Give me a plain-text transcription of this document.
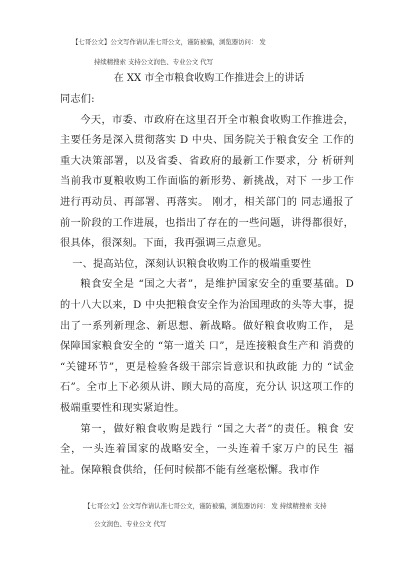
【七哥公文】公文写作请认准七哥公文，谨防被骗，浏览器访问： 发
持续精搜索 支持公文润色、专业公文 代写
在 XX 市全市粮食收购工作推进会上的讲话

同志们:

今天，市委、市政府在这里召开全市粮食收购工作推进会，主要任务是深入贯彻落实 D 中央、国务院关于粮食安全 工作的重大决策部署，以及省委、省政府的最新工作要求，分 析研判当前我市夏粮收购工作面临的新形势、新挑战，对下 一步工作进行再动员、再部署、再落实。 刚才，相关部门的 同志通报了前一阶段的工作进展，也指出了存在的一些问题，讲得都很好，很具体，很深刻。下面，我再强调三点意见。

一、提高站位，深刻认识粮食收购工作的极端重要性

粮食安全是 “国之大者”，是维护国家安全的重要基础。D 的十八大以来，D 中央把粮食安全作为治国理政的头等大事，提出了一系列新理念、新思想、新战略。做好粮食收购工作， 是保障国家粮食安全的 “第一道关 口”，是连接粮食生产和 消费的 “关键环节”，更是检验各级干部宗旨意识和执政能 力的 “试金石”。全市上下必须从讲、顾大局的高度，充分认 识这项工作的极端重要性和现实紧迫性。

第一，做好粮食收购是践行 “国之大者”的责任。粮食 安全，一头连着国家的战略安全，一头连着千家万户的民生 福祉。保障粮食供给，任何时候都不能有丝毫松懈。我市作

【七哥公文】公文写作请认准七哥公文，谨防被骗，浏览器访问： 发 持续精搜索 支持
公文润色、专业公文 代写
